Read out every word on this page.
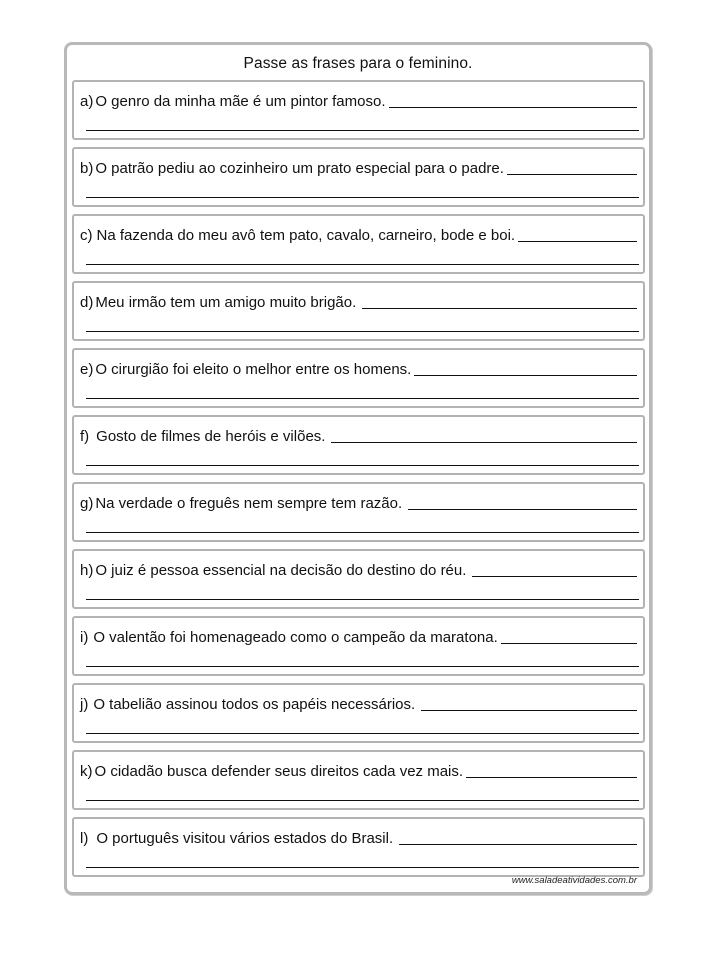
Passe as frases para o feminino.
a) O genro da minha mãe é um pintor famoso.
b) O patrão pediu ao cozinheiro um prato especial para o padre.
c) Na fazenda do meu avô tem pato, cavalo, carneiro, bode e boi.
d) Meu irmão tem um amigo muito brigão.
e) O cirurgião foi eleito o melhor entre os homens.
f) Gosto de filmes de heróis e vilões.
g) Na verdade o freguês nem sempre tem razão.
h) O juiz é pessoa essencial na decisão do destino do réu.
i) O valentão foi homenageado como o campeão da maratona.
j) O tabelião assinou todos os papéis necessários.
k) O cidadão busca defender seus direitos cada vez mais.
l) O português visitou vários estados do Brasil.
www.saladeatividades.com.br
